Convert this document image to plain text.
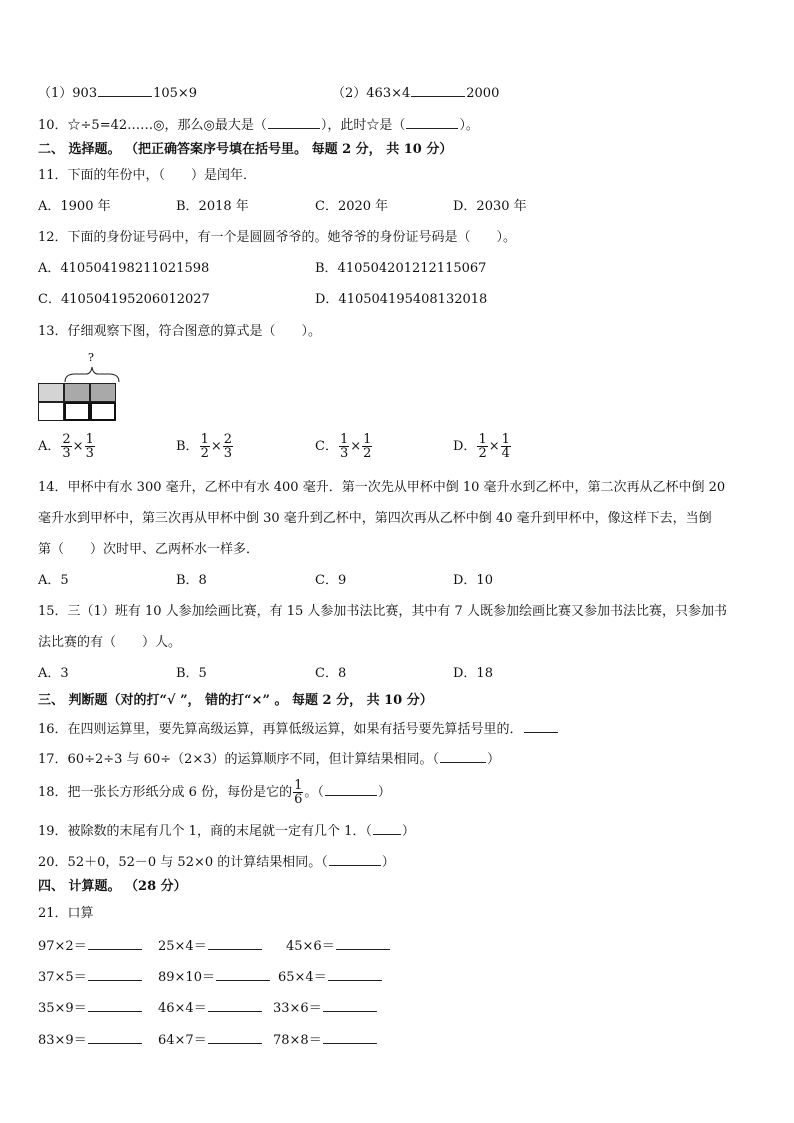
（1）903	105×9	（2）463×4	2000
10．☆÷5=42……◎，那么◎最大是（	），此时☆是（	）。
二、 选择题。 （把正确答案序号填在括号里。 每题 2 分， 共 10 分）
11．下面的年份中，（　　）是闰年．
A．1900 年	B．2018 年	C．2020 年	D．2030 年
12．下面的身份证号码中，有一个是圆圆爷爷的。她爷爷的身份证号码是（　　）。
A．410504198211021598	B．410504201212115067
C．410504195206012027	D．410504195408132018
13．仔细观察下图，符合图意的算式是（　　）。
?
A． $\frac{2}{3} \times \frac{1}{3}$	B． $\frac{1}{2} \times \frac{2}{3}$	C． $\frac{1}{3} \times \frac{1}{2}$	D． $\frac{1}{2} \times \frac{1}{4}$
14．甲杯中有水 300 毫升，乙杯中有水 400 毫升．第一次先从甲杯中倒 10 毫升水到乙杯中，第二次再从乙杯中倒 20
毫升水到甲杯中，第三次再从甲杯中倒 30 毫升到乙杯中，第四次再从乙杯中倒 40 毫升到甲杯中，像这样下去，当倒
第（　　）次时甲、乙两杯水一样多．
A．5	B．8	C．9	D．10
15．三（1）班有 10 人参加绘画比赛，有 15 人参加书法比赛，其中有 7 人既参加绘画比赛又参加书法比赛，只参加书
法比赛的有（　　）人。
A．3	B．5	C．8	D．18
三、 判断题（对的打“√ ”， 错的打“×” 。 每题 2 分， 共 10 分）
16．在四则运算里，要先算高级运算，再算低级运算，如果有括号要先算括号里的．
17．60÷2÷3 与 60÷（2×3）的运算顺序不同，但计算结果相同。（	）
18．把一张长方形纸分成 6 份，每份是它的 $\frac{1}{6}$ 。（	）
19．被除数的末尾有几个 1，商的末尾就一定有几个 1．（ ）
20．52＋0，52－0 与 52×0 的计算结果相同。（	）
四、 计算题。 （28 分）
21．口算
97×2＝	25×4＝	45×6＝
37×5＝	89×10＝	65×4＝
35×9＝	46×4＝	33×6＝
83×9＝	64×7＝	78×8＝
